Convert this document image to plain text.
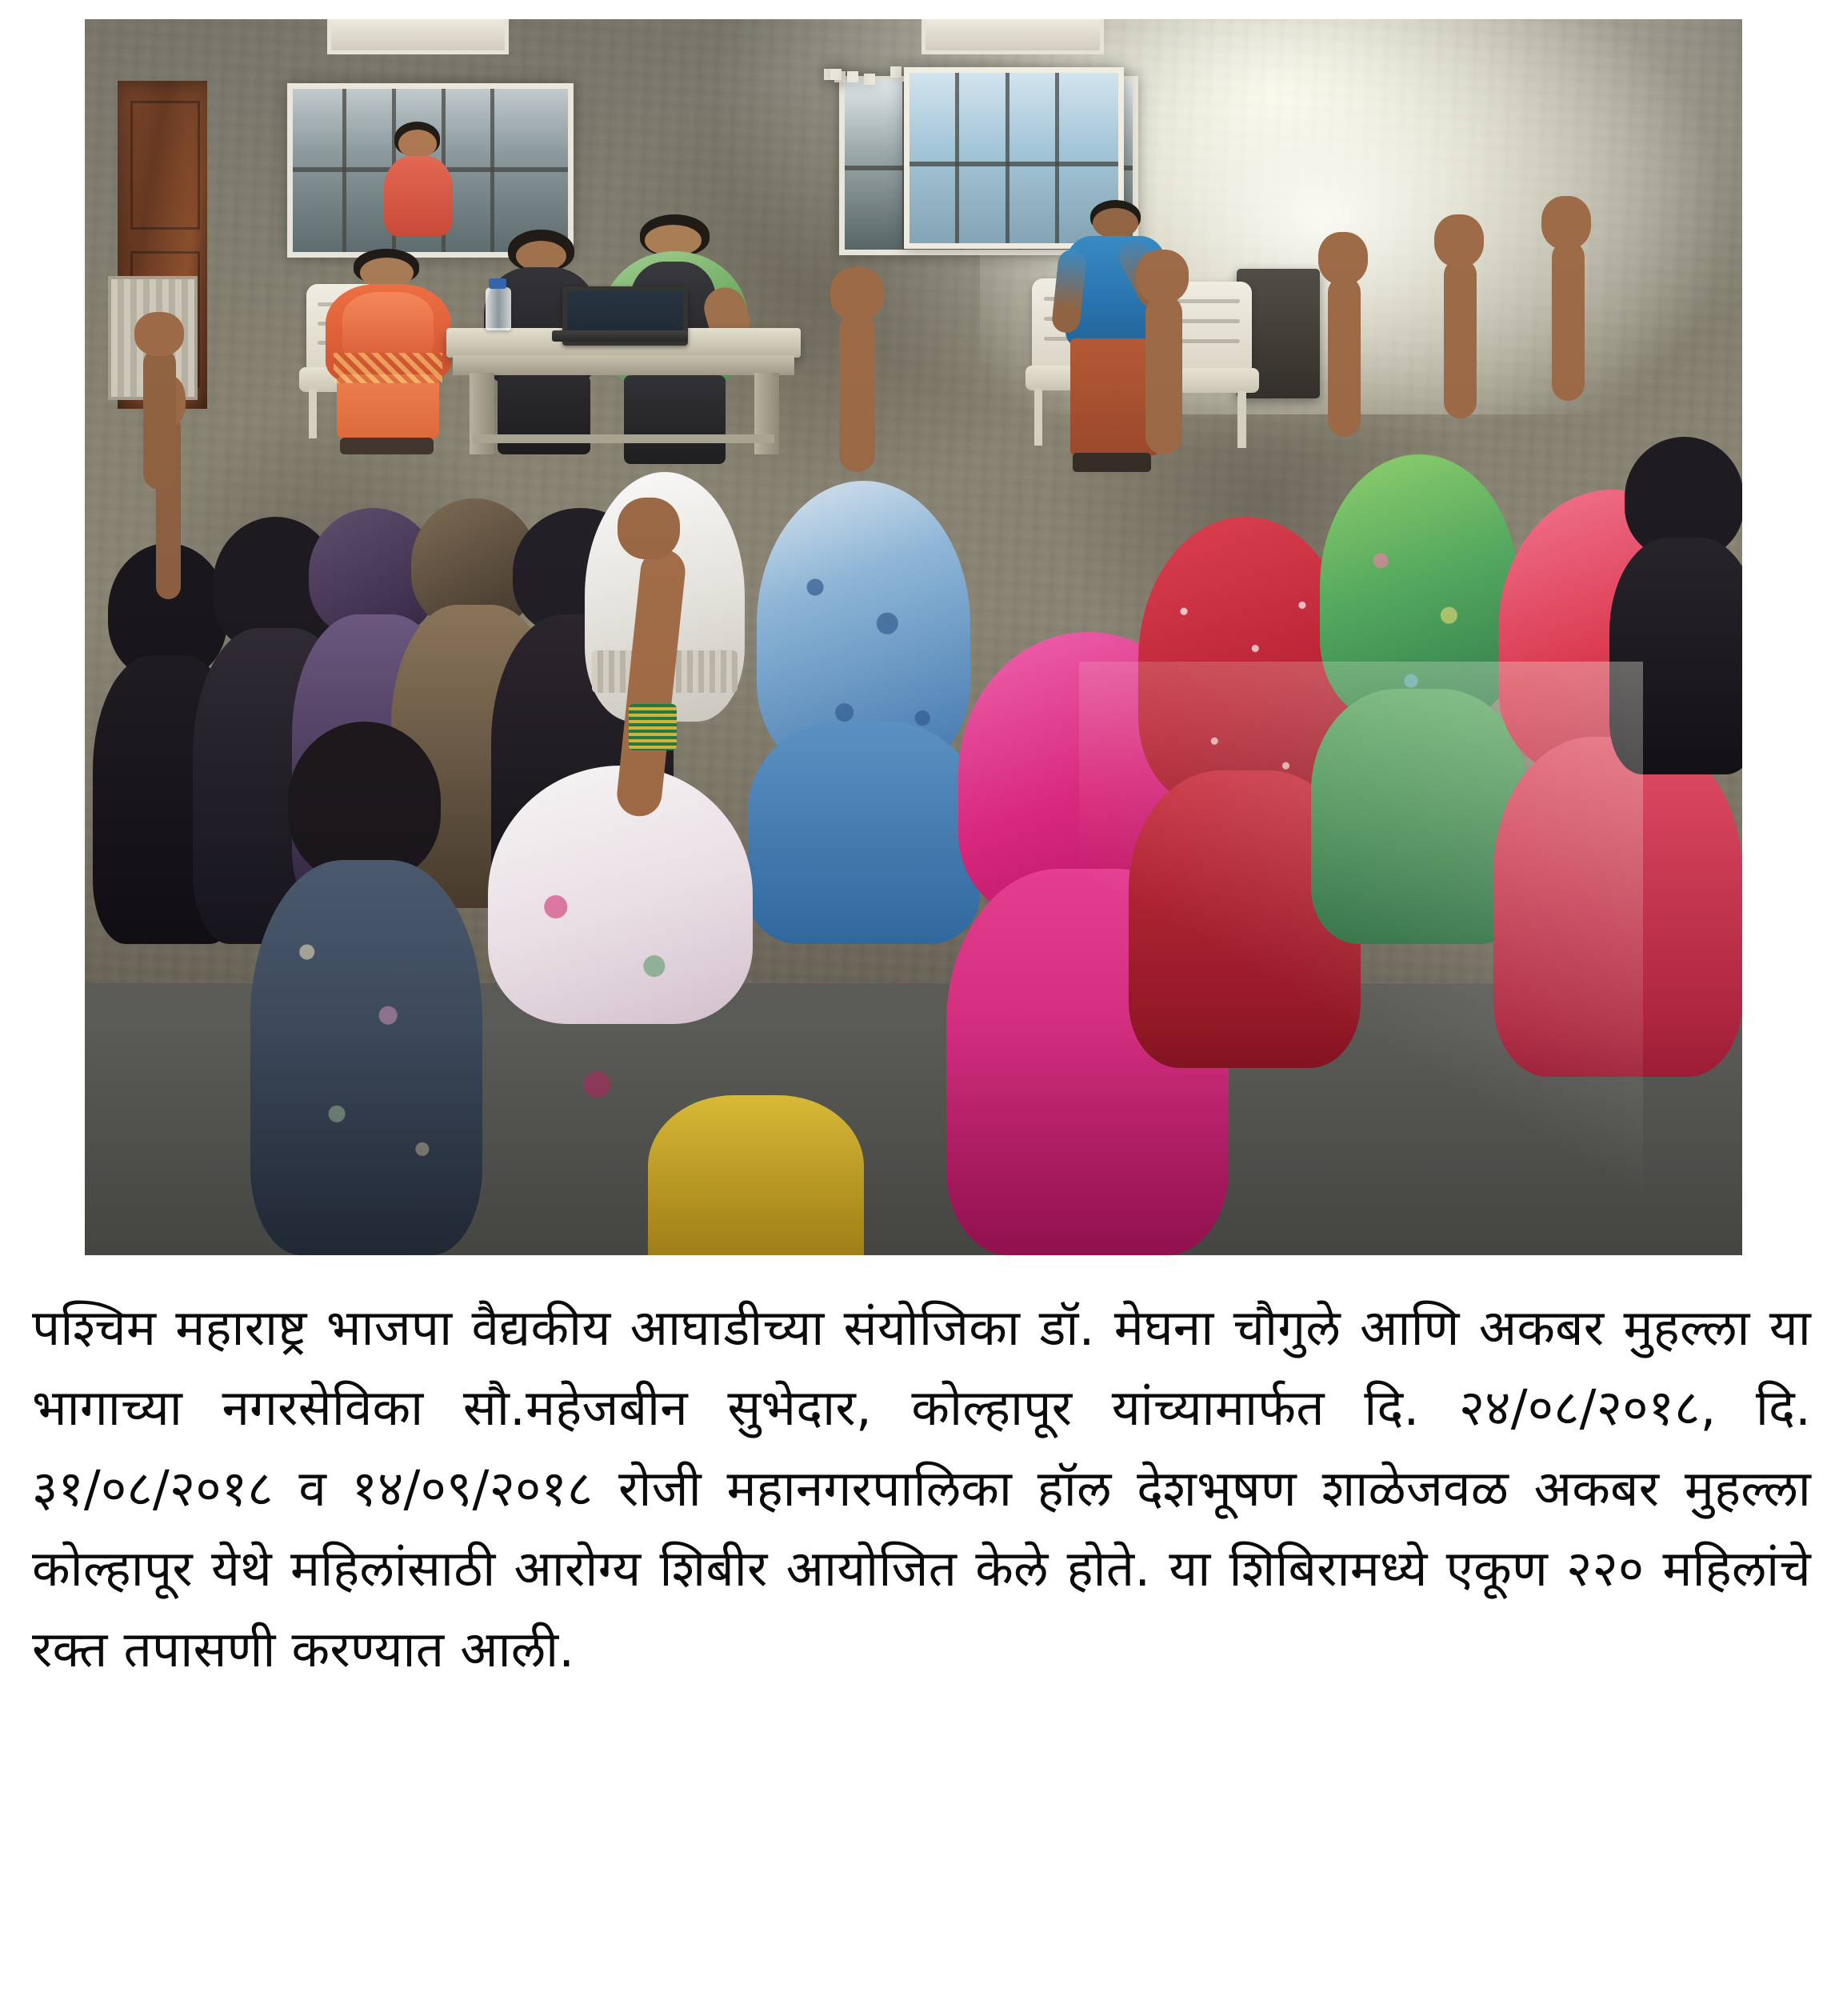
पश्चिम महाराष्ट्र भाजपा वैद्यकीय आघाडीच्या संयोजिका डॉ. मेघना चौगुले आणि अकबर मुहल्ला या भागाच्या नगरसेविका सौ.महेजबीन सुभेदार, कोल्हापूर यांच्यामार्फत दि. २४/०८/२०१८, दि. ३१/०८/२०१८ व १४/०९/२०१८ रोजी महानगरपालिका हॉल देशभूषण शाळेजवळ अकबर मुहल्ला कोल्हापूर येथे महिलांसाठी आरोग्य शिबीर आयोजित केले होते. या शिबिरामध्ये एकूण २२० महिलांचे रक्त तपासणी करण्यात आली.
